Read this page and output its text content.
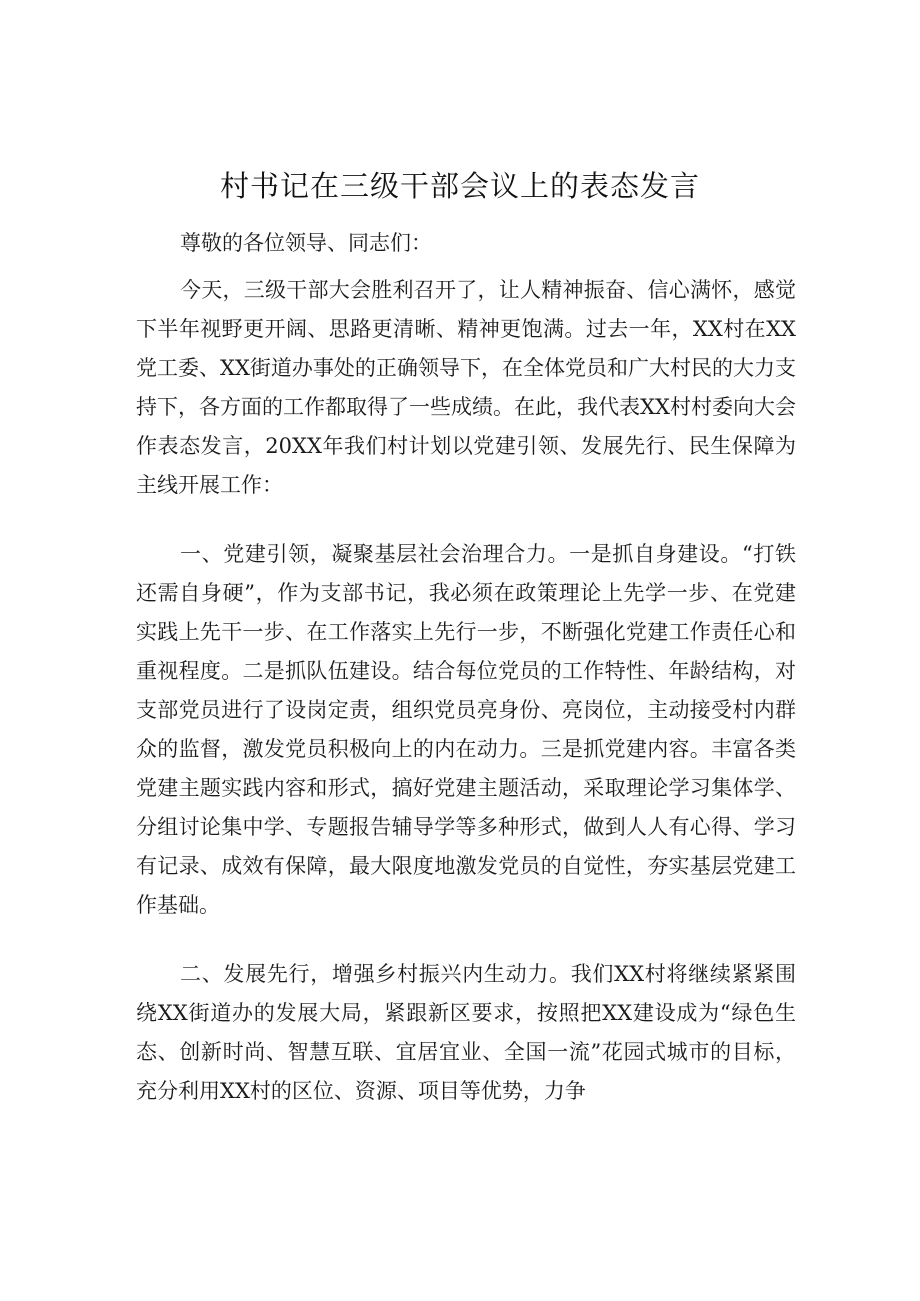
村书记在三级干部会议上的表态发言

尊敬的各位领导、同志们：

今天，三级干部大会胜利召开了，让人精神振奋、信心满怀，感觉下半年视野更开阔、思路更清晰、精神更饱满。过去一年，XX村在XX党工委、XX街道办事处的正确领导下，在全体党员和广大村民的大力支持下，各方面的工作都取得了一些成绩。在此，我代表XX村村委向大会作表态发言，20XX年我们村计划以党建引领、发展先行、民生保障为主线开展工作：

一、党建引领，凝聚基层社会治理合力。一是抓自身建设。“打铁还需自身硬”，作为支部书记，我必须在政策理论上先学一步、在党建实践上先干一步、在工作落实上先行一步，不断强化党建工作责任心和重视程度。二是抓队伍建设。结合每位党员的工作特性、年龄结构，对支部党员进行了设岗定责，组织党员亮身份、亮岗位，主动接受村内群众的监督，激发党员积极向上的内在动力。三是抓党建内容。丰富各类党建主题实践内容和形式，搞好党建主题活动，采取理论学习集体学、分组讨论集中学、专题报告辅导学等多种形式，做到人人有心得、学习有记录、成效有保障，最大限度地激发党员的自觉性，夯实基层党建工作基础。

二、发展先行，增强乡村振兴内生动力。我们XX村将继续紧紧围绕XX街道办的发展大局，紧跟新区要求，按照把XX建设成为“绿色生态、创新时尚、智慧互联、宜居宜业、全国一流”花园式城市的目标，充分利用XX村的区位、资源、项目等优势，力争
